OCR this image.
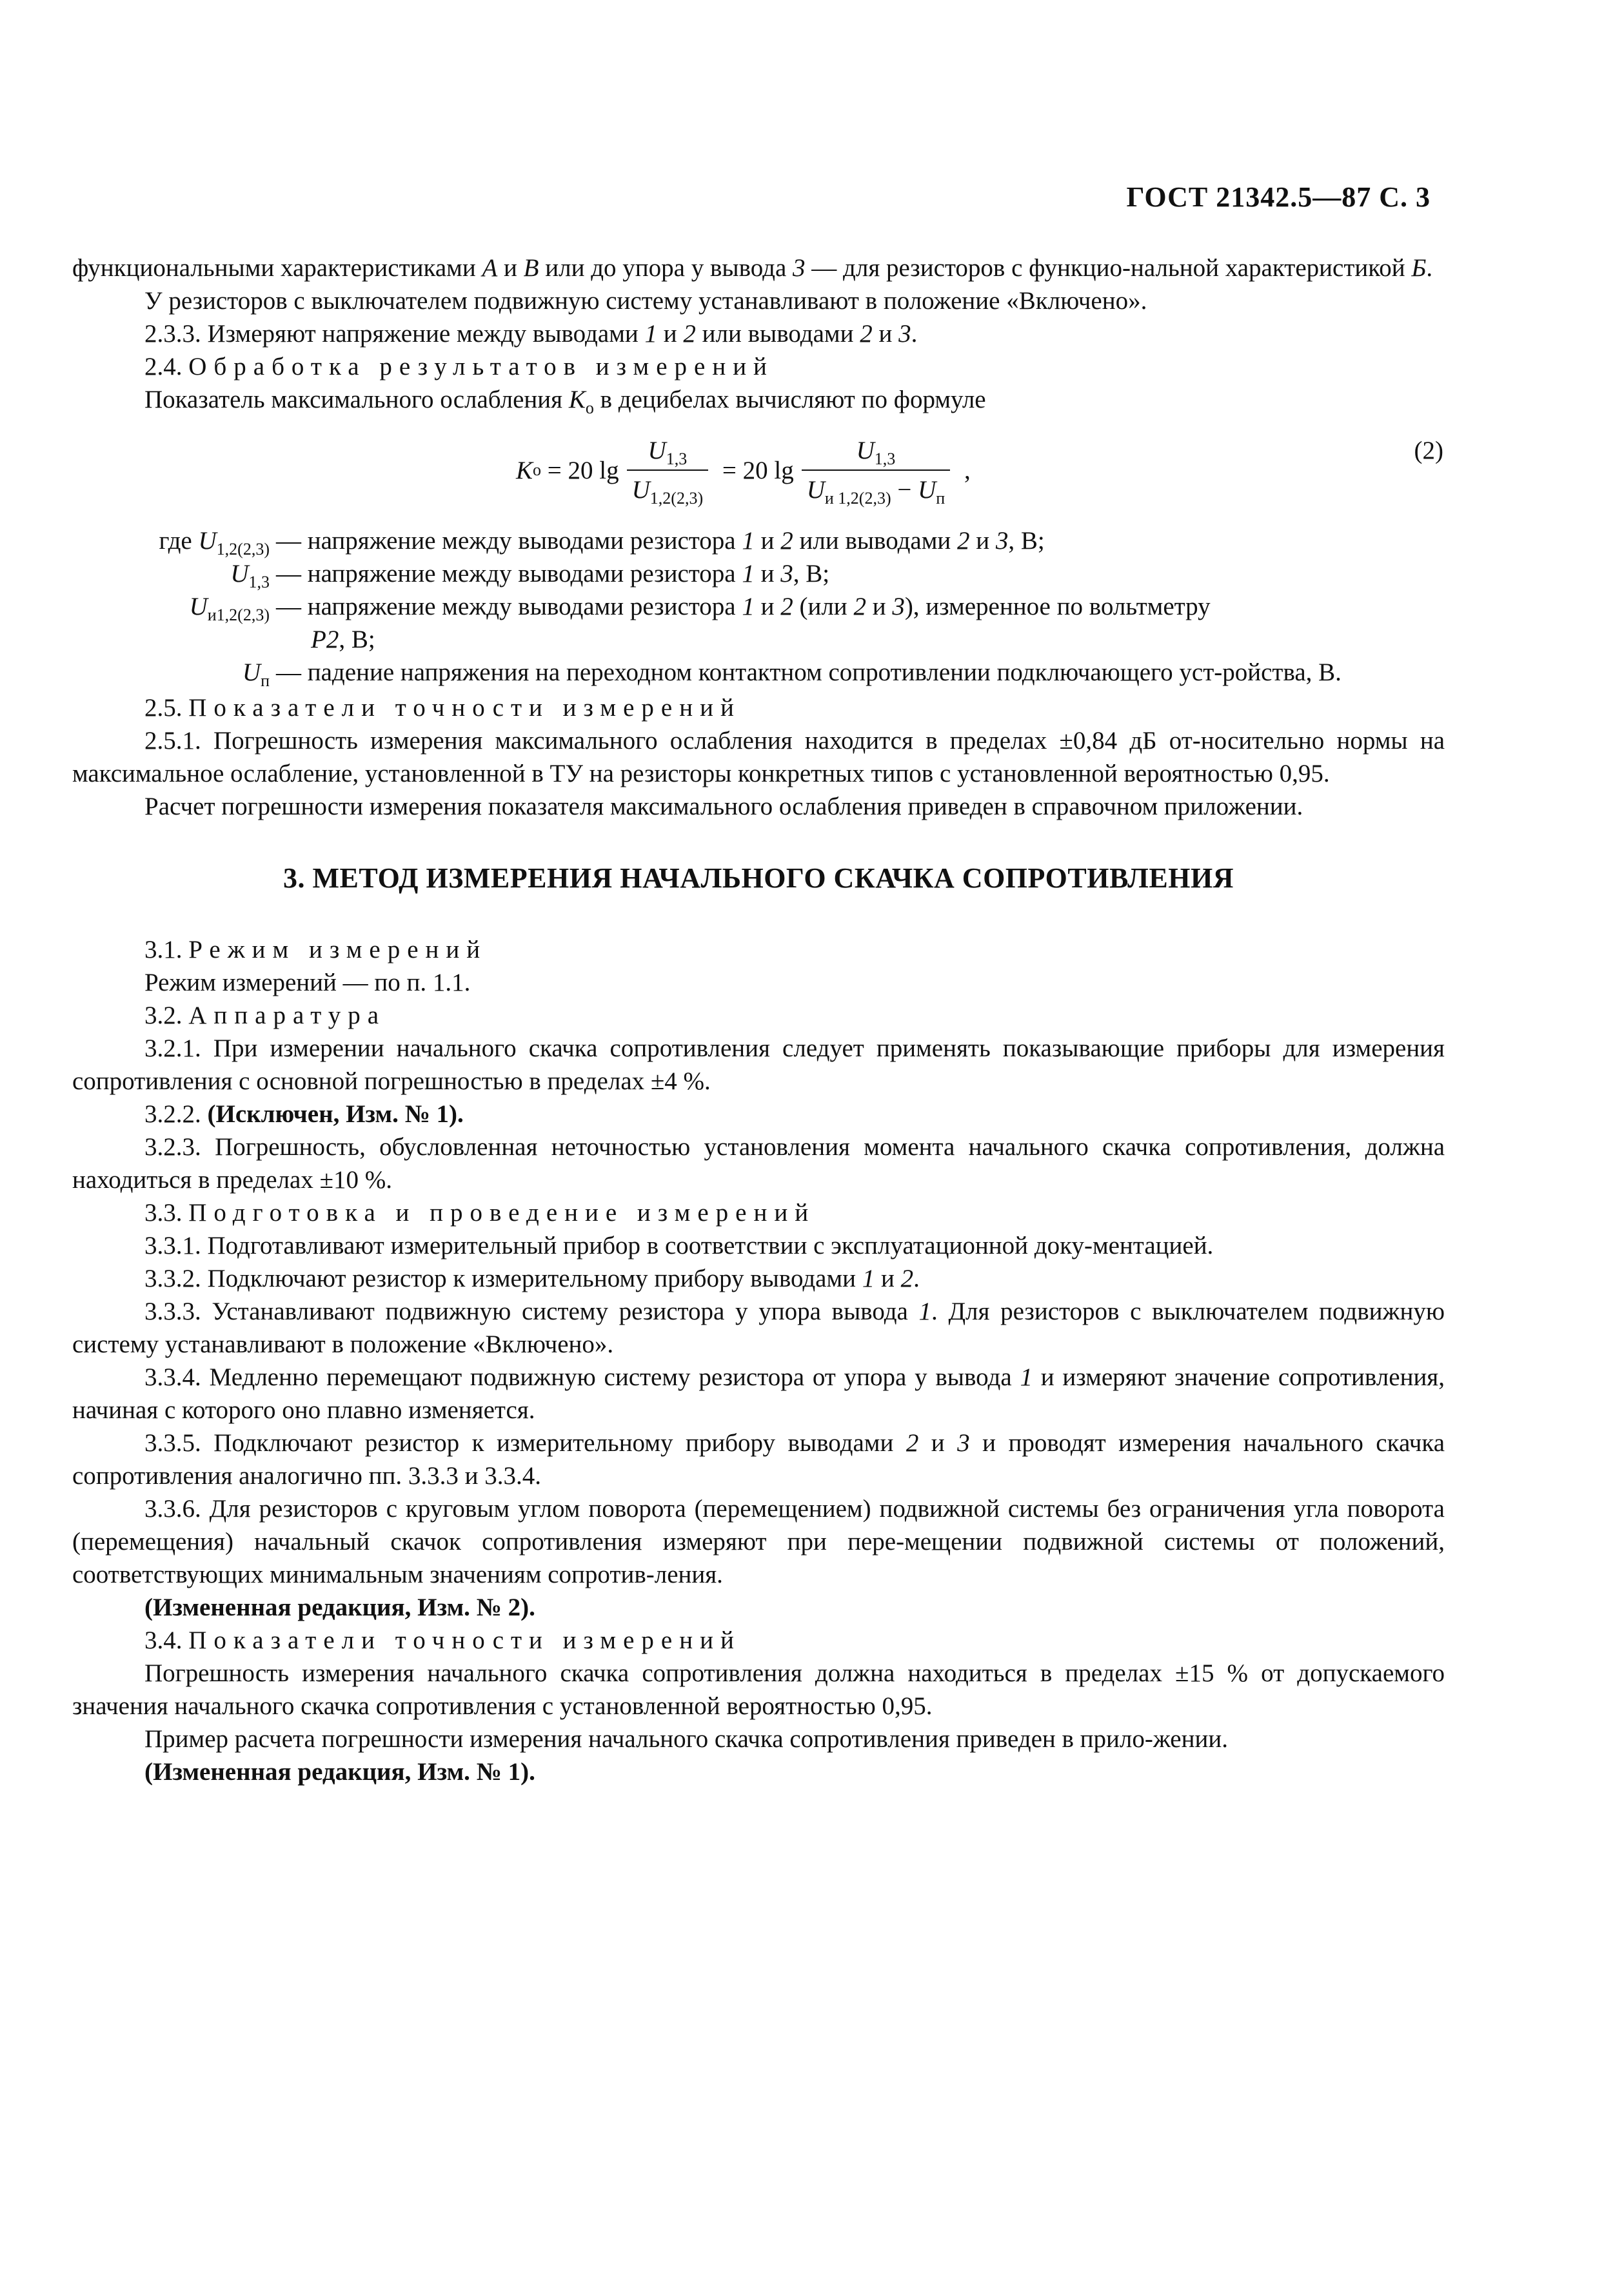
ГОСТ 21342.5—87 С. 3

функциональными характеристиками А и В или до упора у вывода 3 — для резисторов с функцио-нальной характеристикой Б.

У резисторов с выключателем подвижную систему устанавливают в положение «Включено».

2.3.3. Измеряют напряжение между выводами 1 и 2 или выводами 2 и 3.

2.4. Обработка результатов измерений

Показатель максимального ослабления $K_о$ в децибелах вычисляют по формуле

K о = 20 $\lg \frac{U_{1,3}}{U_{1,2(2,3)}} = 20$ $\lg \frac{U_{1,3}}{U_{и 1,2(2,3)} - U_п}$ ,
(2)
где $U_{1,2(2,3)}$ — напряжение между выводами резистора 1 и 2 или выводами 2 и 3, В;
$U_{1,3}$ — напряжение между выводами резистора 1 и 3, В;
$U_{и1,2(2,3)}$ — напряжение между выводами резистора 1 и 2 (или 2 и 3), измеренное по вольтметру
Р2, В;
$U_п$ — падение напряжения на переходном контактном сопротивлении подключающего уст-ройства, В.

2.5. Показатели точности измерений

2.5.1. Погрешность измерения максимального ослабления находится в пределах ±0,84 дБ от-носительно нормы на максимальное ослабление, установленной в ТУ на резисторы конкретных типов с установленной вероятностью 0,95.

Расчет погрешности измерения показателя максимального ослабления приведен в справочном приложении.

3. МЕТОД ИЗМЕРЕНИЯ НАЧАЛЬНОГО СКАЧКА СОПРОТИВЛЕНИЯ

3.1. Режим измерений

Режим измерений — по п. 1.1.

3.2. Аппаратура

3.2.1. При измерении начального скачка сопротивления следует применять показывающие приборы для измерения сопротивления с основной погрешностью в пределах ±4 %.

3.2.2. (Исключен, Изм. № 1).

3.2.3. Погрешность, обусловленная неточностью установления момента начального скачка сопротивления, должна находиться в пределах ±10 %.

3.3. Подготовка и проведение измерений

3.3.1. Подготавливают измерительный прибор в соответствии с эксплуатационной доку-ментацией.

3.3.2. Подключают резистор к измерительному прибору выводами 1 и 2.

3.3.3. Устанавливают подвижную систему резистора у упора вывода 1. Для резисторов с выключателем подвижную систему устанавливают в положение «Включено».

3.3.4. Медленно перемещают подвижную систему резистора от упора у вывода 1 и измеряют значение сопротивления, начиная с которого оно плавно изменяется.

3.3.5. Подключают резистор к измерительному прибору выводами 2 и 3 и проводят измерения начального скачка сопротивления аналогично пп. 3.3.3 и 3.3.4.

3.3.6. Для резисторов с круговым углом поворота (перемещением) подвижной системы без ограничения угла поворота (перемещения) начальный скачок сопротивления измеряют при пере-мещении подвижной системы от положений, соответствующих минимальным значениям сопротив-ления.

(Измененная редакция, Изм. № 2).

3.4. Показатели точности измерений

Погрешность измерения начального скачка сопротивления должна находиться в пределах ±15 % от допускаемого значения начального скачка сопротивления с установленной вероятностью 0,95.

Пример расчета погрешности измерения начального скачка сопротивления приведен в прило-жении.

(Измененная редакция, Изм. № 1).
